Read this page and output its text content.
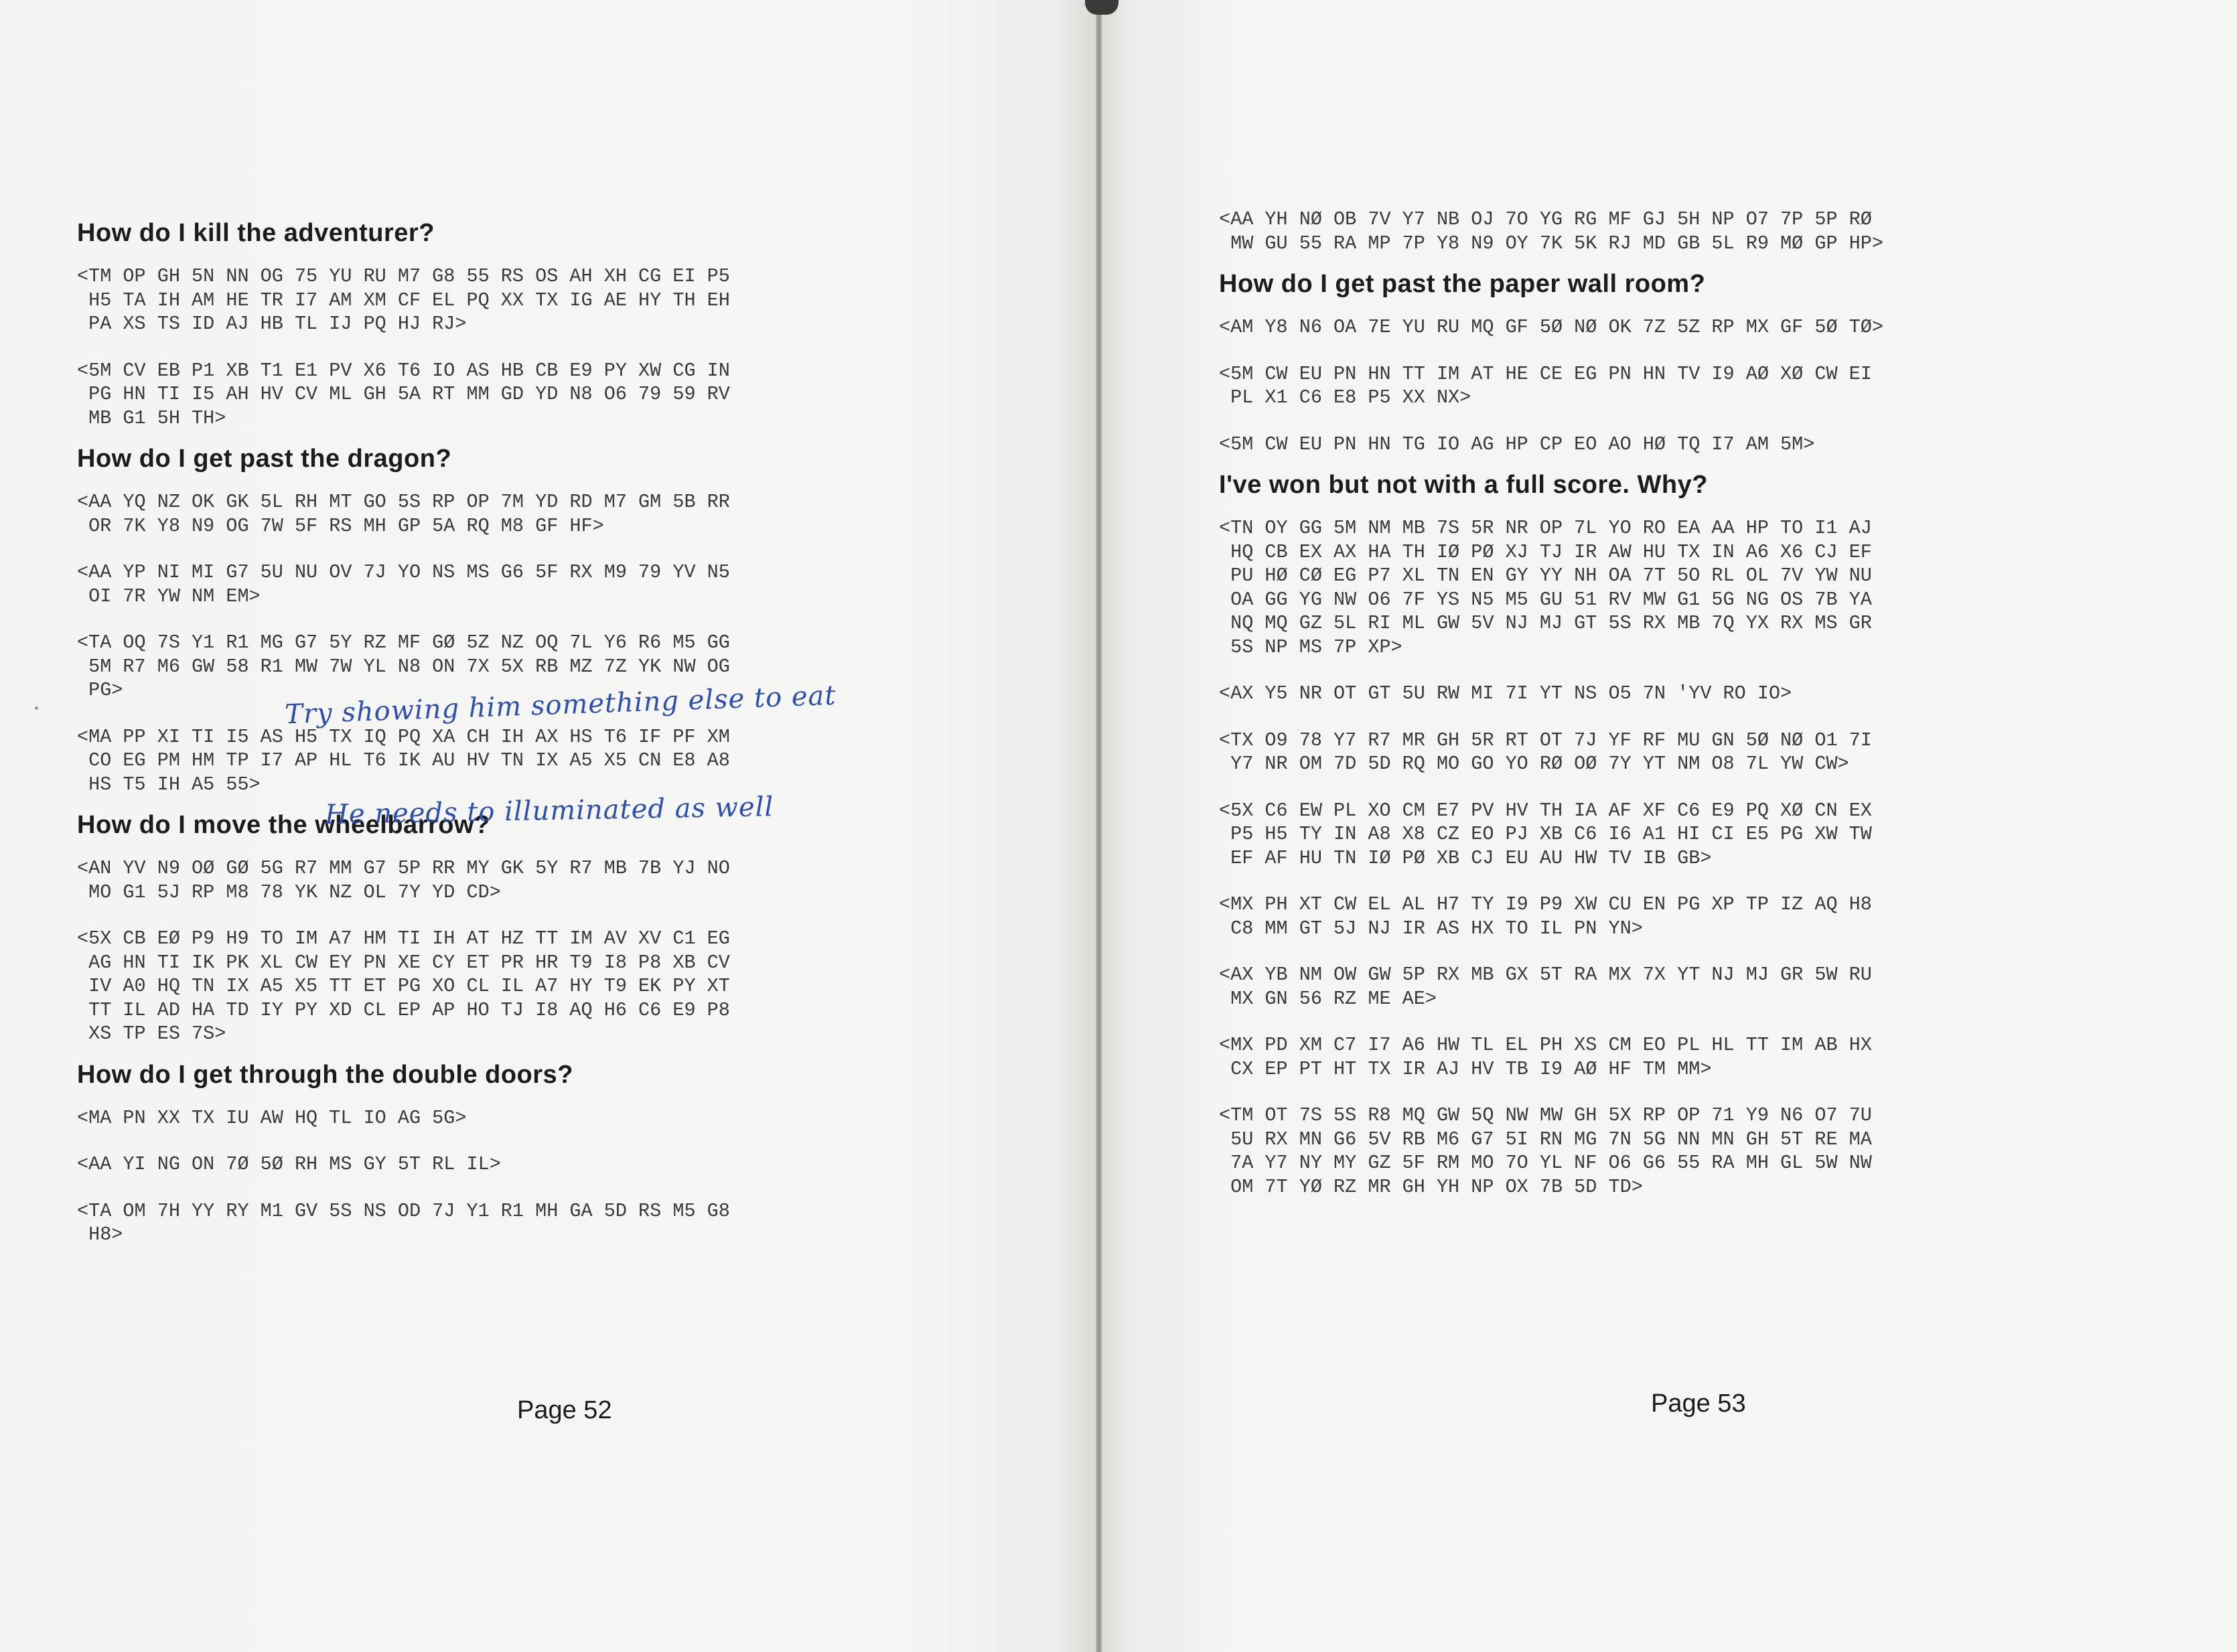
How do I kill the adventurer?
<TM OP GH 5N NN OG 75 YU RU M7 G8 55 RS OS AH XH CG EI P5
H5 TA IH AM HE TR I7 AM XM CF EL PQ XX TX IG AE HY TH EH
PA XS TS ID AJ HB TL IJ PQ HJ RJ>
<5M CV EB P1 XB T1 E1 PV X6 T6 IO AS HB CB E9 PY XW CG IN
PG HN TI I5 AH HV CV ML GH 5A RT MM GD YD N8 O6 79 59 RV
MB G1 5H TH>
How do I get past the dragon?
<AA YQ NZ OK GK 5L RH MT GO 5S RP OP 7M YD RD M7 GM 5B RR
OR 7K Y8 N9 OG 7W 5F RS MH GP 5A RQ M8 GF HF>
<AA YP NI MI G7 5U NU OV 7J YO NS MS G6 5F RX M9 79 YV N5
OI 7R YW NM EM>
<TA OQ 7S Y1 R1 MG G7 5Y RZ MF GØ 5Z NZ OQ 7L Y6 R6 M5 GG
5M R7 M6 GW 58 R1 MW 7W YL N8 ON 7X 5X RB MZ 7Z YK NW OG
PG>
<MA PP XI TI I5 AS H5 TX IQ PQ XA CH IH AX HS T6 IF PF XM
CO EG PM HM TP I7 AP HL T6 IK AU HV TN IX A5 X5 CN E8 A8
HS T5 IH A5 55>
How do I move the wheelbarrow?
<AN YV N9 OØ GØ 5G R7 MM G7 5P RR MY GK 5Y R7 MB 7B YJ NO
MO G1 5J RP M8 78 YK NZ OL 7Y YD CD>
<5X CB EØ P9 H9 TO IM A7 HM TI IH AT HZ TT IM AV XV C1 EG
AG HN TI IK PK XL CW EY PN XE CY ET PR HR T9 I8 P8 XB CV
IV A0 HQ TN IX A5 X5 TT ET PG XO CL IL A7 HY T9 EK PY XT
TT IL AD HA TD IY PY XD CL EP AP HO TJ I8 AQ H6 C6 E9 P8
XS TP ES 7S>
How do I get through the double doors?
<MA PN XX TX IU AW HQ TL IO AG 5G>
<AA YI NG ON 7Ø 5Ø RH MS GY 5T RL IL>
<TA OM 7H YY RY M1 GV 5S NS OD 7J Y1 R1 MH GA 5D RS M5 G8
H8>
Try showing him something else to eat
He needs to illuminated as well
Page 52
<AA YH NØ OB 7V Y7 NB OJ 7O YG RG MF GJ 5H NP O7 7P 5P RØ
MW GU 55 RA MP 7P Y8 N9 OY 7K 5K RJ MD GB 5L R9 MØ GP HP>
How do I get past the paper wall room?
<AM Y8 N6 OA 7E YU RU MQ GF 5Ø NØ OK 7Z 5Z RP MX GF 5Ø TØ>
<5M CW EU PN HN TT IM AT HE CE EG PN HN TV I9 AØ XØ CW EI
PL X1 C6 E8 P5 XX NX>
<5M CW EU PN HN TG IO AG HP CP EO AO HØ TQ I7 AM 5M>
I've won but not with a full score. Why?
<TN OY GG 5M NM MB 7S 5R NR OP 7L YO RO EA AA HP TO I1 AJ
HQ CB EX AX HA TH IØ PØ XJ TJ IR AW HU TX IN A6 X6 CJ EF
PU HØ CØ EG P7 XL TN EN GY YY NH OA 7T 5O RL OL 7V YW NU
OA GG YG NW O6 7F YS N5 M5 GU 51 RV MW G1 5G NG OS 7B YA
NQ MQ GZ 5L RI ML GW 5V NJ MJ GT 5S RX MB 7Q YX RX MS GR
5S NP MS 7P XP>
<AX Y5 NR OT GT 5U RW MI 7I YT NS O5 7N 'YV RO IO>
<TX O9 78 Y7 R7 MR GH 5R RT OT 7J YF RF MU GN 5Ø NØ O1 7I
Y7 NR OM 7D 5D RQ MO GO YO RØ OØ 7Y YT NM O8 7L YW CW>
<5X C6 EW PL XO CM E7 PV HV TH IA AF XF C6 E9 PQ XØ CN EX
P5 H5 TY IN A8 X8 CZ EO PJ XB C6 I6 A1 HI CI E5 PG XW TW
EF AF HU TN IØ PØ XB CJ EU AU HW TV IB GB>
<MX PH XT CW EL AL H7 TY I9 P9 XW CU EN PG XP TP IZ AQ H8
C8 MM GT 5J NJ IR AS HX TO IL PN YN>
<AX YB NM OW GW 5P RX MB GX 5T RA MX 7X YT NJ MJ GR 5W RU
MX GN 56 RZ ME AE>
<MX PD XM C7 I7 A6 HW TL EL PH XS CM EO PL HL TT IM AB HX
CX EP PT HT TX IR AJ HV TB I9 AØ HF TM MM>
<TM OT 7S 5S R8 MQ GW 5Q NW MW GH 5X RP OP 71 Y9 N6 O7 7U
5U RX MN G6 5V RB M6 G7 5I RN MG 7N 5G NN MN GH 5T RE MA
7A Y7 NY MY GZ 5F RM MO 7O YL NF O6 G6 55 RA MH GL 5W NW
OM 7T YØ RZ MR GH YH NP OX 7B 5D TD>
Page 53
